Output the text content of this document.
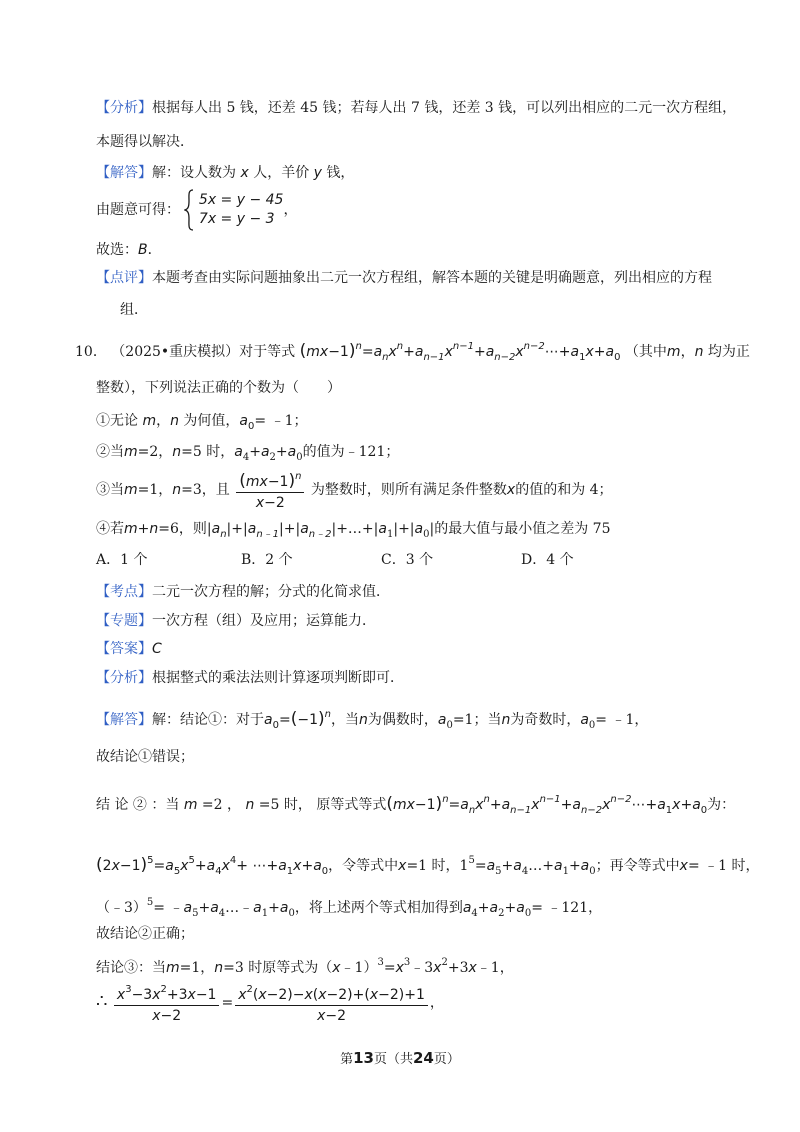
【分析】根据每人出 5 钱，还差 45 钱；若每人出 7 钱，还差 3 钱，可以列出相应的二元一次方程组，
本题得以解决．
【解答】解：设人数为 x 人，羊价 y 钱，
由题意可得：
5x = y − 45
7x = y − 3
，
故选：B．
【点评】本题考查由实际问题抽象出二元一次方程组，解答本题的关键是明确题意，列出相应的方程
组．
10． （2025•重庆模拟）对于等式 $(mx-1)^n=a_nx^n+a_{n-1}x^{n-1}+a_{n-2}x^{n-2}\cdots+a_1x+a_0$ （其中m，n 均为正
整数），下列说法正确的个数为（　　）
①无论 m，n 为何值，$a_0=$ ﹣1；
②当m=2，n=5 时，$a_4+a_2+a_0$的值为﹣121；
③当m=1，n=3，且 $\frac{(mx-1)^n}{x-2}$ 为整数时，则所有满足条件整数x的值的和为 4；
④若m+n=6，则$|a_n|+|a_{n﹣1}|+|a_{n﹣2}|+\dots+|a_1|+|a_0|$的最大值与最小值之差为 75
A．1 个	B．2 个	C．3 个	D．4 个
【考点】二元一次方程的解；分式的化简求值．
【专题】一次方程（组）及应用；运算能力．
【答案】C
【分析】根据整式的乘法法则计算逐项判断即可．
【解答】解：结论①：对于$a_0=(-1)^n$，当n为偶数时，$a_0=1$；当n为奇数时，$a_0=$ ﹣1，
故结论①错误；
结 论 ② ：当 m =2 ， n =5 时， 原等式等式$(mx-1)^n=a_nx^n+a_{n-1}x^{n-1}+a_{n-2}x^{n-2}\cdots+a_1x+a_0$为：
$(2x-1)^5=a_5x^5+a_4x^4+$ $\cdots+a_1x+a_0$，令等式中x=1 时，$1^5=a_5+a_4\dots+a_1+a_0$；再令等式中x= ﹣1 时，
（﹣3）$^5$= $﹣a_5+a_4\dots﹣a_1+a_0$，将上述两个等式相加得到$a_4+a_2+a_0=$ ﹣121，
故结论②正确；
结论③：当m=1，n=3 时原等式为$(x﹣1)^3=x^3﹣3x^2+3x﹣1$，
∴ $\frac{x^3-3x^2+3x-1}{x-2} = \frac{x^2(x-2)-x(x-2)+(x-2)+1}{x-2}$ ，
第13页（共24页）
